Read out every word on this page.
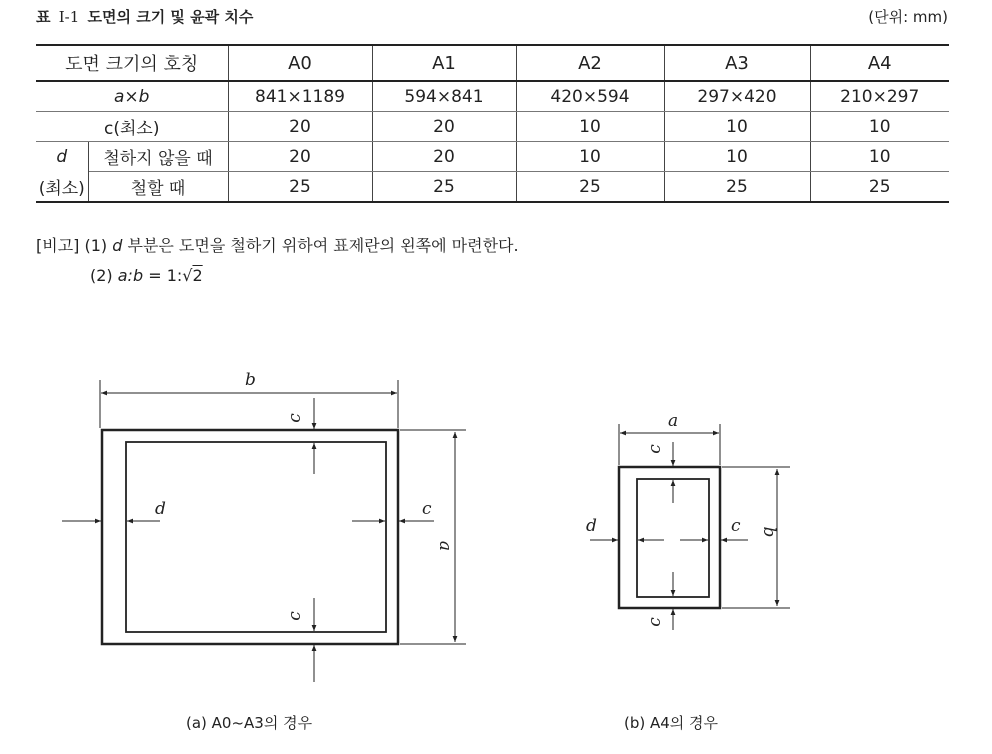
표 Ⅰ-1 도면의 크기 및 윤곽 치수	(단위: mm)
도면 크기의 호칭		A0	A1	A2	A3	A4
a×b		841×1189	594×841	420×594	297×420	210×297
c(최소)		20	20	10	10	10
d	철하지 않을 때	20	20	10	10	10
(최소)	철할 때	25	25	25	25	25
[비고] (1) d 부분은 도면을 철하기 위하여 표제란의 왼쪽에 마련한다.
(2) a:b = 1:√2
b
c
c
d	c
a
a
c
c
d	c b
(a) A0~A3의 경우	(b) A4의 경우
